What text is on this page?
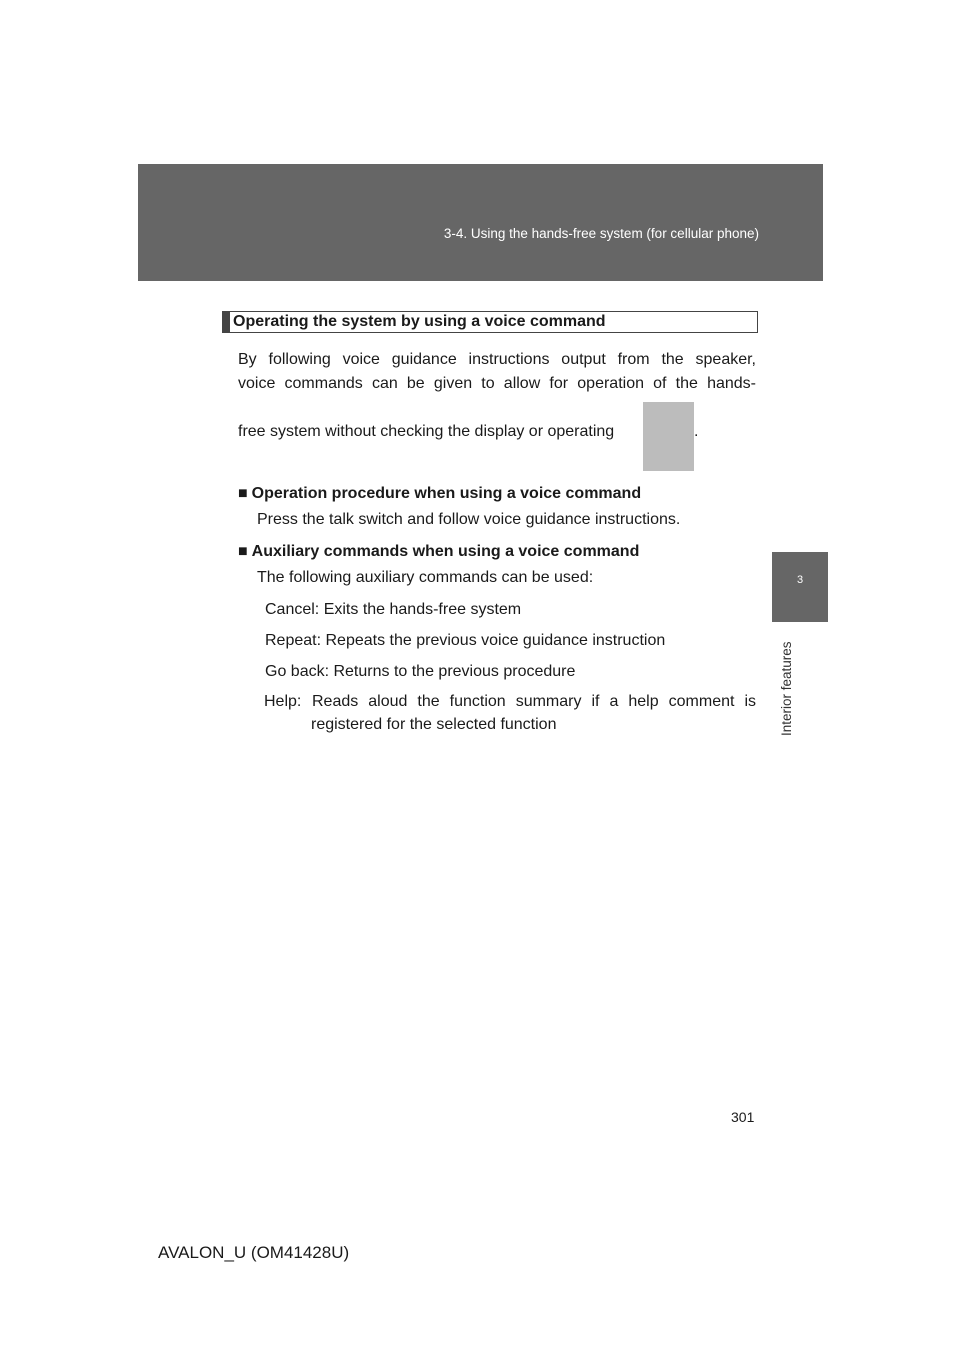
3-4. Using the hands-free system (for cellular phone)
3
Interior features
Operating the system by using a voice command
By following voice guidance instructions output from the speaker,
voice commands can be given to allow for operation of the hands-
free system without checking the display or operating	.
■ Operation procedure when using a voice command
Press the talk switch and follow voice guidance instructions.
■ Auxiliary commands when using a voice command
The following auxiliary commands can be used:
Cancel: Exits the hands-free system
Repeat: Repeats the previous voice guidance instruction
Go back: Returns to the previous procedure
Help: Reads aloud the function summary if a help comment is
registered for the selected function
301
AVALON_U (OM41428U)
